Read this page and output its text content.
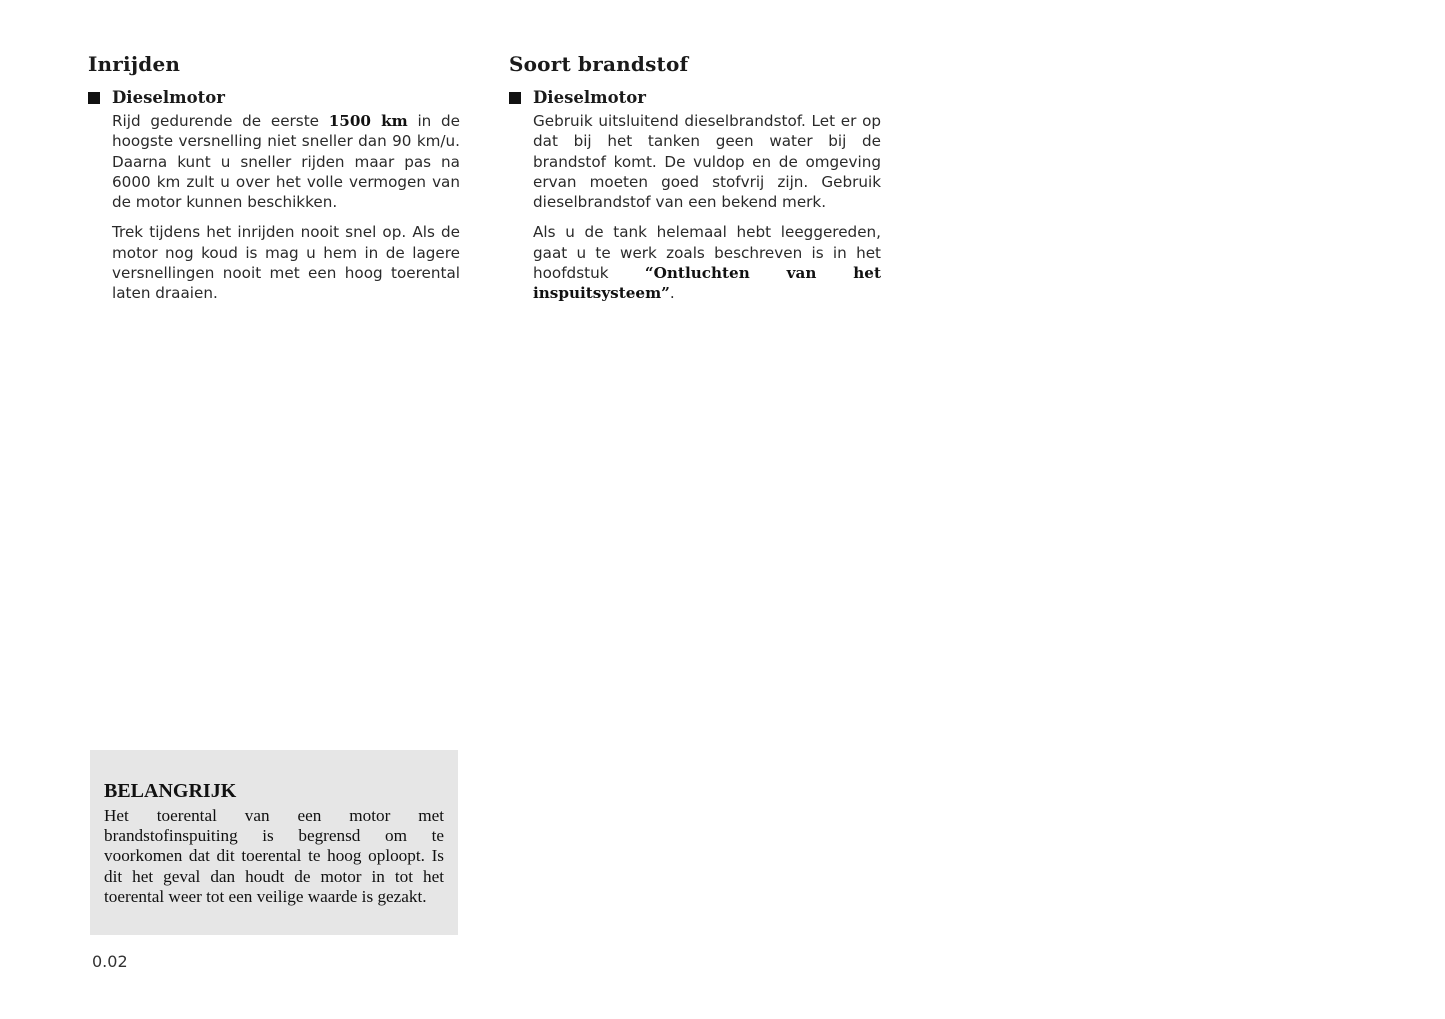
Inrijden
Dieselmotor

Rijd gedurende de eerste 1500 km in de hoogste versnelling niet sneller dan 90 km/u. Daarna kunt u sneller rijden maar pas na 6000 km zult u over het volle vermogen van de motor kunnen beschikken.

Trek tijdens het inrijden nooit snel op. Als de motor nog koud is mag u hem in de lagere versnellingen nooit met een hoog toerental laten draaien.

Soort brandstof
Dieselmotor

Gebruik uitsluitend dieselbrandstof. Let er op dat bij het tanken geen water bij de brandstof komt. De vuldop en de omgeving ervan moeten goed stofvrij zijn. Gebruik dieselbrandstof van een bekend merk.

Als u de tank helemaal hebt leeggereden, gaat u te werk zoals beschreven is in het hoofdstuk “Ontluchten van het inspuitsysteem”.

BELANGRIJK

Het toerental van een motor met brandstofinspuiting is begrensd om te voorkomen dat dit toerental te hoog oploopt. Is dit het geval dan houdt de motor in tot het toerental weer tot een veilige waarde is gezakt.

0.02
